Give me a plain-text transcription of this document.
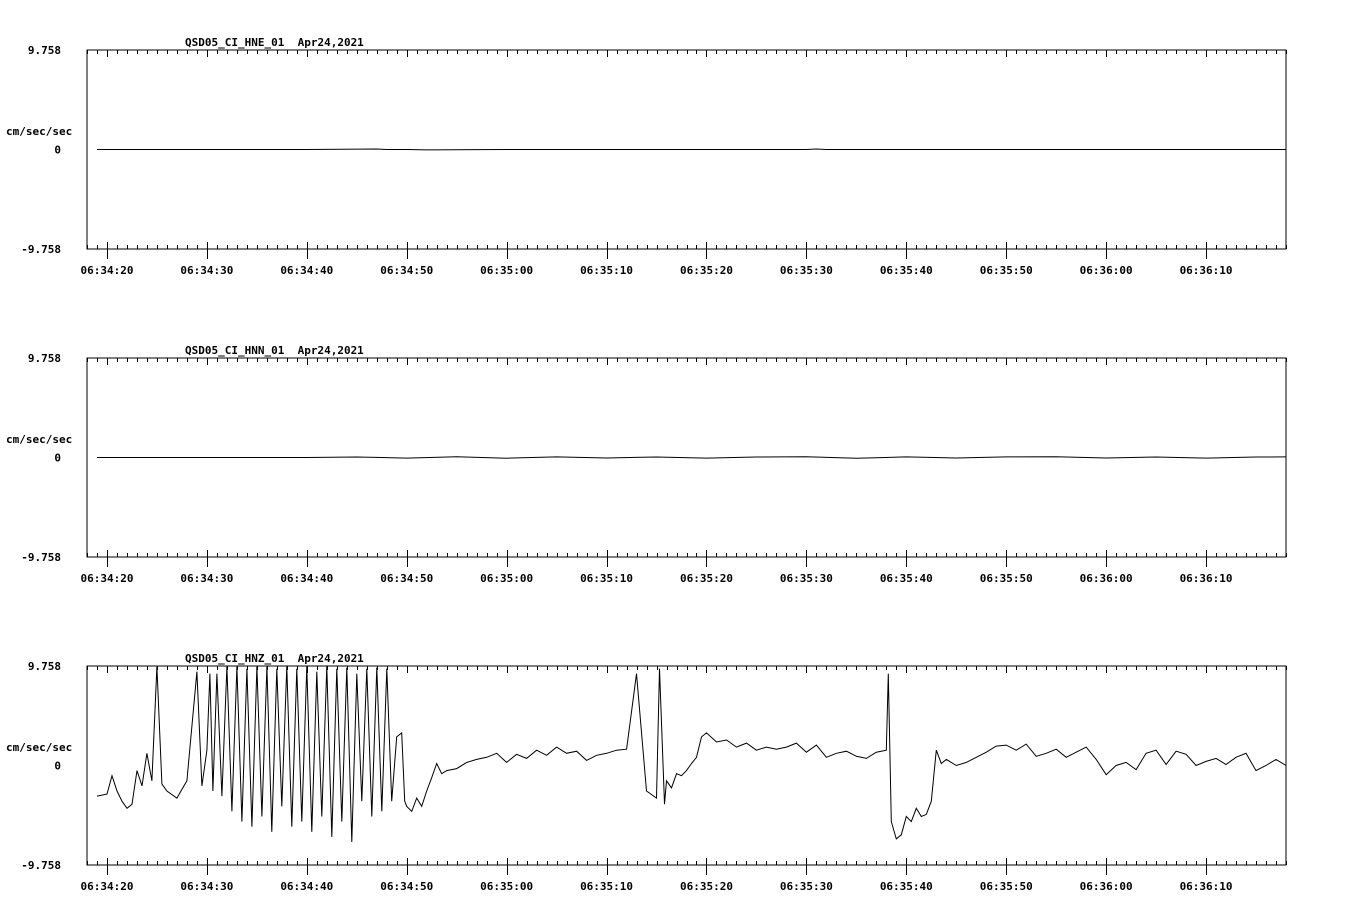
QSD05_CI_HNE_01  Apr24,2021
9.758
0
-9.758
cm/sec/sec
06:34:20	06:34:30	06:34:40	06:34:50	06:35:00	06:35:10	06:35:20	06:35:30	06:35:40	06:35:50	06:36:00	06:36:10
QSD05_CI_HNN_01  Apr24,2021
9.758
0
-9.758
cm/sec/sec
06:34:20	06:34:30	06:34:40	06:34:50	06:35:00	06:35:10	06:35:20	06:35:30	06:35:40	06:35:50	06:36:00	06:36:10
QSD05_CI_HNZ_01  Apr24,2021
9.758
0
-9.758
cm/sec/sec
06:34:20	06:34:30	06:34:40	06:34:50	06:35:00	06:35:10	06:35:20	06:35:30	06:35:40	06:35:50	06:36:00	06:36:10
